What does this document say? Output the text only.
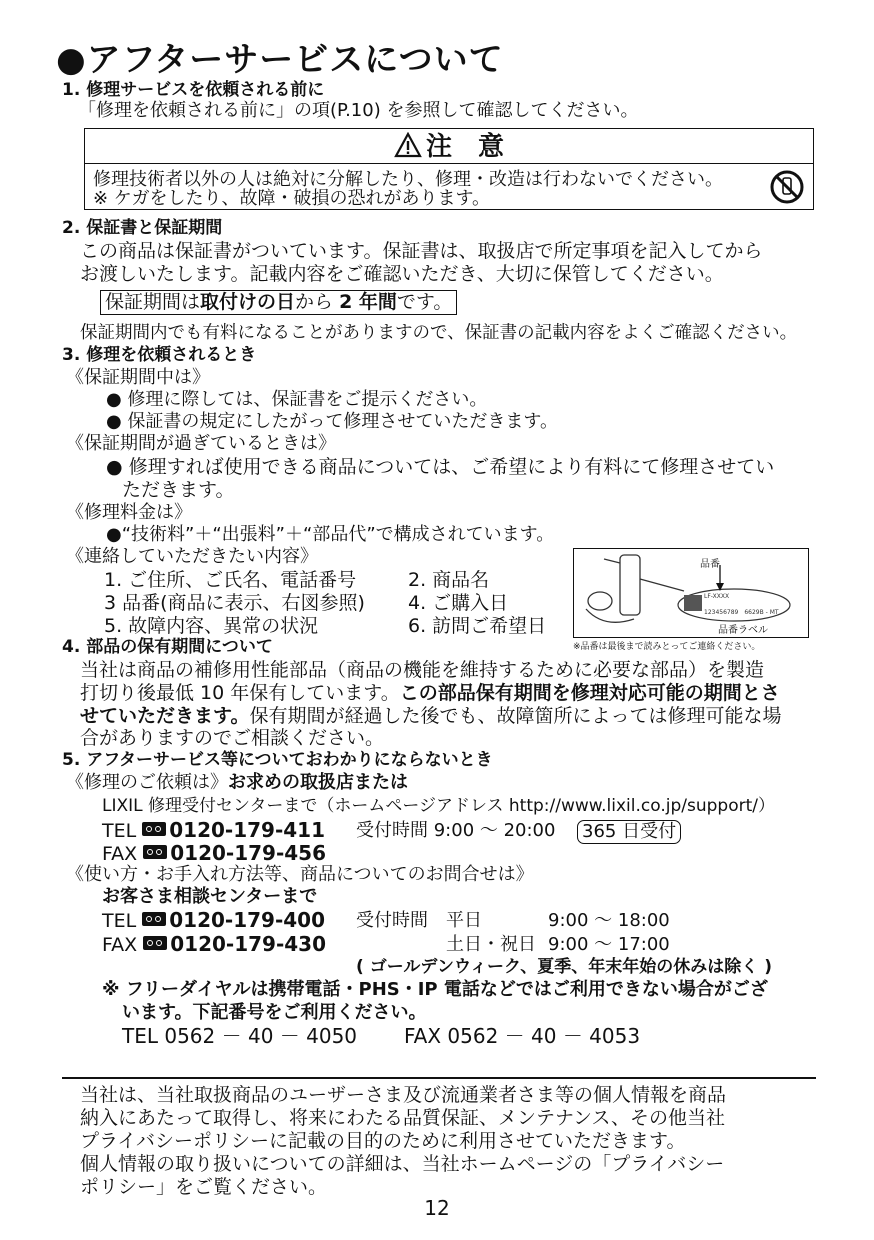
●アフターサービスについて
1. 修理サービスを依頼される前に
「修理を依頼される前に」の項(P.10) を参照して確認してください。
注　意
修理技術者以外の人は絶対に分解したり、修理・改造は行わないでください。
※ ケガをしたり、故障・破損の恐れがあります。
2. 保証書と保証期間
この商品は保証書がついています。保証書は、取扱店で所定事項を記入してから
お渡しいたします。記載内容をご確認いただき、大切に保管してください。
保証期間は取付けの日から 2 年間です。
保証期間内でも有料になることがありますので、保証書の記載内容をよくご確認ください。
3. 修理を依頼されるとき
《保証期間中は》
● 修理に際しては、保証書をご提示ください。
● 保証書の規定にしたがって修理させていただきます。
《保証期間が過ぎているときは》
● 修理すれば使用できる商品については、ご希望により有料にて修理させてい
ただきます。
《修理料金は》
●“技術料”＋“出張料”＋“部品代”で構成されています。
《連絡していただきたい内容》
1. ご住所、ご氏名、電話番号	2. 商品名
3 品番(商品に表示、右図参照) 4. ご購入日
5. 故障内容、異常の状況	6. 訪問ご希望日
品番
LF-XXXX
123456789　6629B - MT
品番ラベル
※品番は最後まで読みとってご連絡ください。
4. 部品の保有期間について
当社は商品の補修用性能部品（商品の機能を維持するために必要な部品）を製造
打切り後最低 10 年保有しています。この部品保有期間を修理対応可能の期間とさ
せていただきます。保有期間が経過した後でも、故障箇所によっては修理可能な場
合がありますのでご相談ください。
5. アフターサービス等についておわかりにならないとき
《修理のご依頼は》お求めの取扱店または
LIXIL 修理受付センターまで（ホームページアドレス http://www.lixil.co.jp/support/）
TEL 0120-179-411 受付時間 9:00 ～ 20:00 365 日受付
FAX 0120-179-456
《使い方・お手入れ方法等、商品についてのお問合せは》
お客さま相談センターまで
TEL 0120-179-400 受付時間 平日	9:00 ～ 18:00
FAX 0120-179-430	土日・祝日 9:00 ～ 17:00
( ゴールデンウィーク、夏季、年末年始の休みは除く )
※ フリーダイヤルは携帯電話・PHS・IP 電話などではご利用できない場合がござ
います。下記番号をご利用ください。
TEL 0562 － 40 － 4050 FAX 0562 － 40 － 4053
当社は、当社取扱商品のユーザーさま及び流通業者さま等の個人情報を商品
納入にあたって取得し、将来にわたる品質保証、メンテナンス、その他当社
プライバシーポリシーに記載の目的のために利用させていただきます。
個人情報の取り扱いについての詳細は、当社ホームページの「プライバシー
ポリシー」をご覧ください。
12
